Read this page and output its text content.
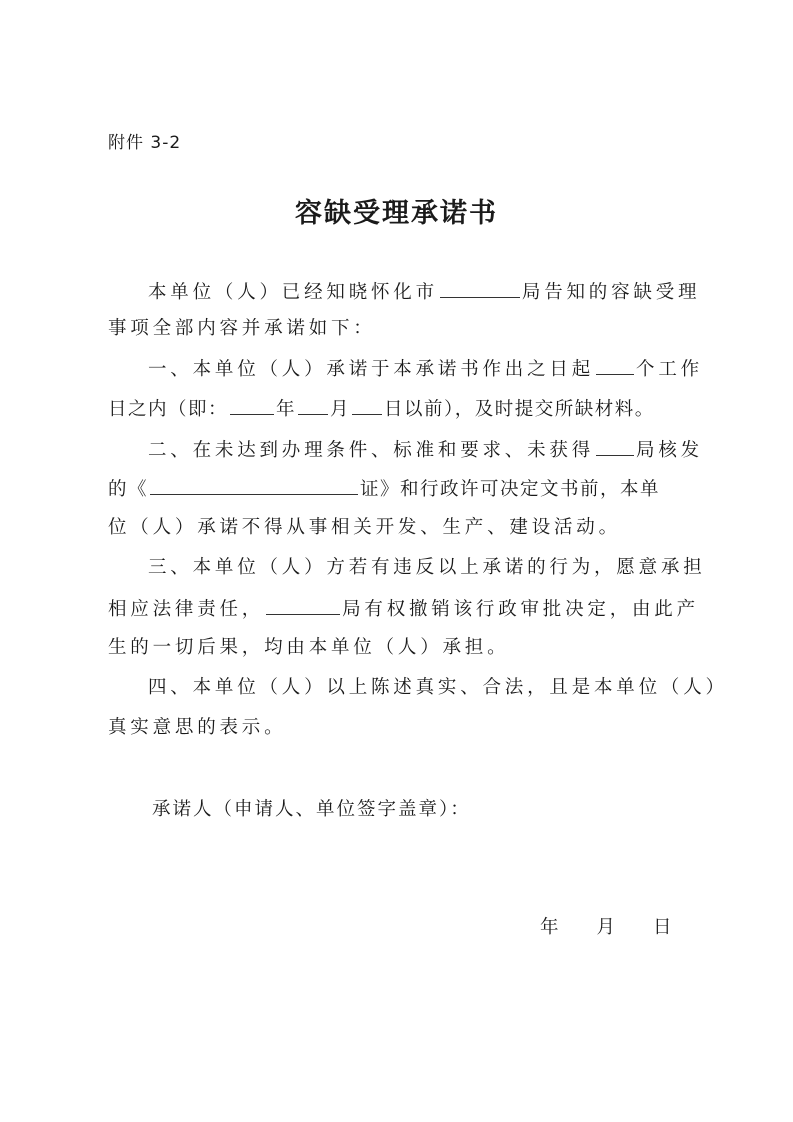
附件 3-2
容缺受理承诺书
本单位（人）已经知晓怀化市	局告知的容缺受理
事项全部内容并承诺如下：
一、本单位（人）承诺于本承诺书作出之日起 个工作
日之内（即：	年 月 日以前），及时提交所缺材料。
二、在未达到办理条件、标准和要求、未获得 局核发
的《	证》和行政许可决定文书前，本单
位（人）承诺不得从事相关开发、生产、建设活动。
三、本单位（人）方若有违反以上承诺的行为，愿意承担
相应法律责任，	局有权撤销该行政审批决定，由此产
生的一切后果，均由本单位（人）承担。
四、本单位（人）以上陈述真实、合法，且是本单位（人）
真实意思的表示。
承诺人（申请人、单位签字盖章）：
年 月 日
